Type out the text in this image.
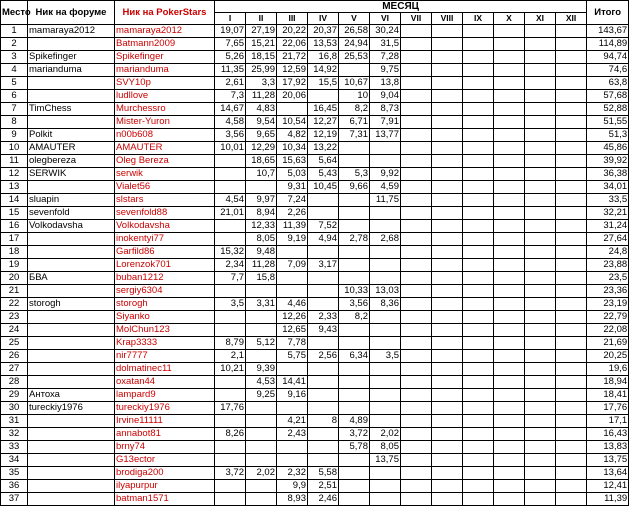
Место	Ник на форуме	Ник на PokerStars	МЕСЯЦ												Итого
			I	II	III	IV	V	VI	VII	VIII	IX	X	XI	XII	
1	mamaraya2012	mamaraya2012	19,07	27,19	20,22	20,37	26,58	30,24							143,67
2		Batmann2009	7,65	15,21	22,06	13,53	24,94	31,5							114,89
3	Spikefinger	Spikefinger	5,26	18,15	21,72	16,8	25,53	7,28							94,74
4	marianduma	marianduma	11,35	25,99	12,59	14,92		9,75							74,6
5		SVY10p	2,61	3,3	17,92	15,5	10,67	13,8							63,8
6		ludllove	7,3	11,28	20,06		10	9,04							57,68
7	TimChess	Murchessro	14,67	4,83		16,45	8,2	8,73							52,88
8		Mister-Yuron	4,58	9,54	10,54	12,27	6,71	7,91							51,55
9	Polkit	n00b608	3,56	9,65	4,82	12,19	7,31	13,77							51,3
10	AMAUTER	AMAUTER	10,01	12,29	10,34	13,22									45,86
11	olegbereza	Oleg Bereza		18,65	15,63	5,64									39,92
12	SERWIK	serwik		10,7	5,03	5,43	5,3	9,92							36,38
13		Vialet56			9,31	10,45	9,66	4,59							34,01
14	sluapin	slstars	4,54	9,97	7,24			11,75							33,5
15	sevenfold	sevenfold88	21,01	8,94	2,26										32,21
16	Volkodavsha	Volkodavsha		12,33	11,39	7,52									31,24
17		inokentyi77		8,05	9,19	4,94	2,78	2,68							27,64
18		Garfild86	15,32	9,48											24,8
19		Lorenzok701	2,34	11,28	7,09	3,17									23,88
20	БВА	buban1212	7,7	15,8											23,5
21		sergiy6304					10,33	13,03							23,36
22	storogh	storogh	3,5	3,31	4,46		3,56	8,36							23,19
23		Siyanko			12,26	2,33	8,2								22,79
24		MolChun123			12,65	9,43									22,08
25		Krap3333	8,79	5,12	7,78										21,69
26		nir7777	2,1		5,75	2,56	6,34	3,5							20,25
27		dolmatinec11	10,21	9,39											19,6
28		oxatan44		4,53	14,41										18,94
29	Антоха	lampard9		9,25	9,16										18,41
30	tureckiy1976	tureckiy1976	17,76												17,76
31		Irvine11111			4,21	8	4,89								17,1
32		annabot81	8,26		2,43		3,72	2,02							16,43
33		brny74					5,78	8,05							13,83
34		G13ector						13,75							13,75
35		brodiga200	3,72	2,02	2,32	5,58									13,64
36		ilyapurpur			9,9	2,51									12,41
37		batman1571			8,93	2,46									11,39
